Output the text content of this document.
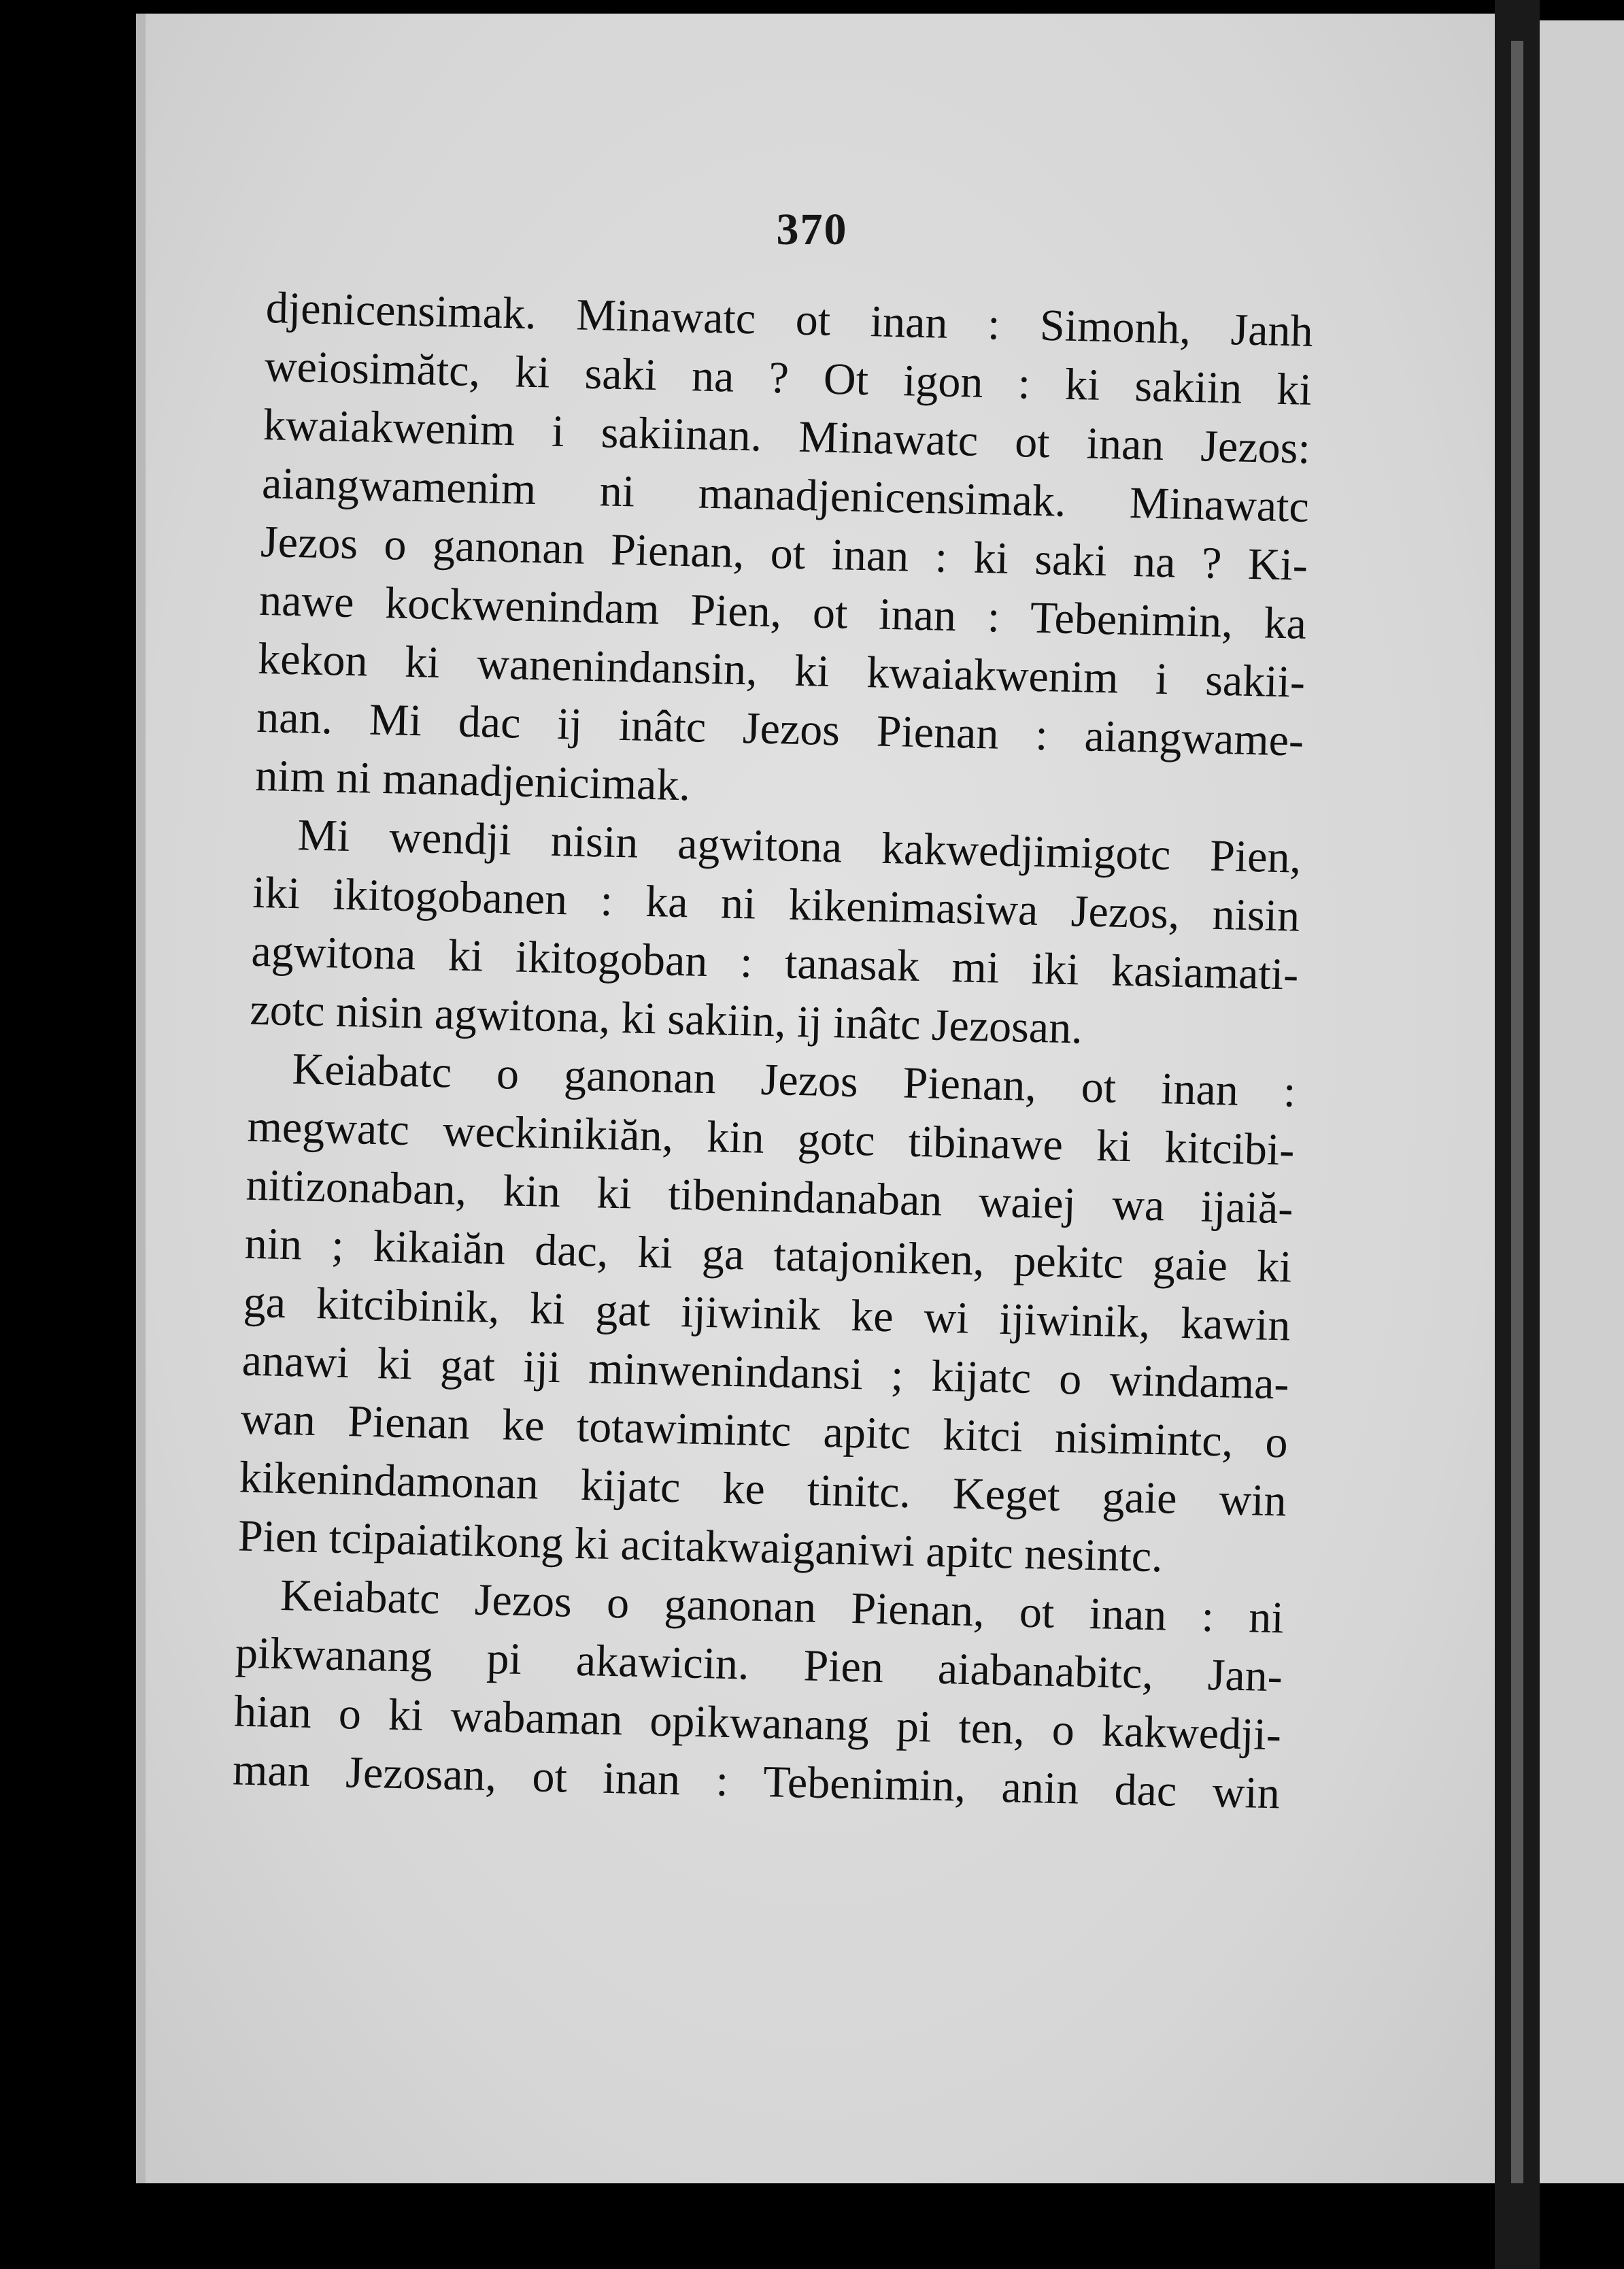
370
djenicensimak. Minawatc ot inan : Simonh, Janh
weiosimătc, ki saki na ? Ot igon : ki sakiin ki
kwaiakwenim i sakiinan. Minawatc ot inan Jezos:
aiangwamenim ni manadjenicensimak. Minawatc
Jezos o ganonan Pienan, ot inan : ki saki na ? Ki-
nawe kockwenindam Pien, ot inan : Tebenimin, ka
kekon ki wanenindansin, ki kwaiakwenim i sakii-
nan. Mi dac ij inâtc Jezos Pienan : aiangwame-
nim ni manadjenicimak.
Mi wendji nisin agwitona kakwedjimigotc Pien,
iki ikitogobanen : ka ni kikenimasiwa Jezos, nisin
agwitona ki ikitogoban : tanasak mi iki kasiamati-
zotc nisin agwitona, ki sakiin, ij inâtc Jezosan.
Keiabatc o ganonan Jezos Pienan, ot inan :
megwatc weckinikiăn, kin gotc tibinawe ki kitcibi-
nitizonaban, kin ki tibenindanaban waiej wa ijaiă-
nin ; kikaiăn dac, ki ga tatajoniken, pekitc gaie ki
ga kitcibinik, ki gat ijiwinik ke wi ijiwinik, kawin
anawi ki gat iji minwenindansi ; kijatc o windama-
wan Pienan ke totawimintc apitc kitci nisimintc, o
kikenindamonan kijatc ke tinitc. Keget gaie win
Pien tcipaiatikong ki acitakwaiganiwi apitc nesintc.
Keiabatc Jezos o ganonan Pienan, ot inan : ni
pikwanang pi akawicin. Pien aiabanabitc, Jan-
hian o ki wabaman opikwanang pi ten, o kakwedji-
man Jezosan, ot inan : Tebenimin, anin dac win
